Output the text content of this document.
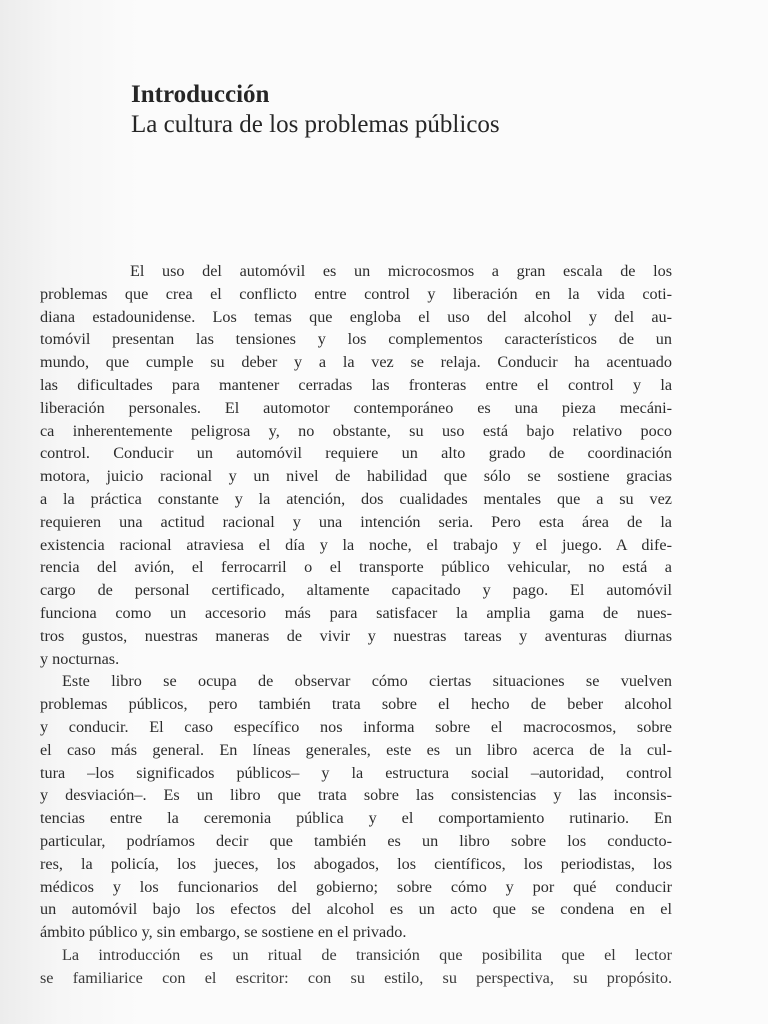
Introducción
La cultura de los problemas públicos
El uso del automóvil es un microcosmos a gran escala de los
problemas que crea el conflicto entre control y liberación en la vida coti-
diana estadounidense. Los temas que engloba el uso del alcohol y del au-
tomóvil presentan las tensiones y los complementos característicos de un
mundo, que cumple su deber y a la vez se relaja. Conducir ha acentuado
las dificultades para mantener cerradas las fronteras entre el control y la
liberación personales. El automotor contemporáneo es una pieza mecáni-
ca inherentemente peligrosa y, no obstante, su uso está bajo relativo poco
control. Conducir un automóvil requiere un alto grado de coordinación
motora, juicio racional y un nivel de habilidad que sólo se sostiene gracias
a la práctica constante y la atención, dos cualidades mentales que a su vez
requieren una actitud racional y una intención seria. Pero esta área de la
existencia racional atraviesa el día y la noche, el trabajo y el juego. A dife-
rencia del avión, el ferrocarril o el transporte público vehicular, no está a
cargo de personal certificado, altamente capacitado y pago. El automóvil
funciona como un accesorio más para satisfacer la amplia gama de nues-
tros gustos, nuestras maneras de vivir y nuestras tareas y aventuras diurnas
y nocturnas.
Este libro se ocupa de observar cómo ciertas situaciones se vuelven
problemas públicos, pero también trata sobre el hecho de beber alcohol
y conducir. El caso específico nos informa sobre el macrocosmos, sobre
el caso más general. En líneas generales, este es un libro acerca de la cul-
tura –los significados públicos– y la estructura social –autoridad, control
y desviación–. Es un libro que trata sobre las consistencias y las inconsis-
tencias entre la ceremonia pública y el comportamiento rutinario. En
particular, podríamos decir que también es un libro sobre los conducto-
res, la policía, los jueces, los abogados, los científicos, los periodistas, los
médicos y los funcionarios del gobierno; sobre cómo y por qué conducir
un automóvil bajo los efectos del alcohol es un acto que se condena en el
ámbito público y, sin embargo, se sostiene en el privado.
La introducción es un ritual de transición que posibilita que el lector
se familiarice con el escritor: con su estilo, su perspectiva, su propósito.
